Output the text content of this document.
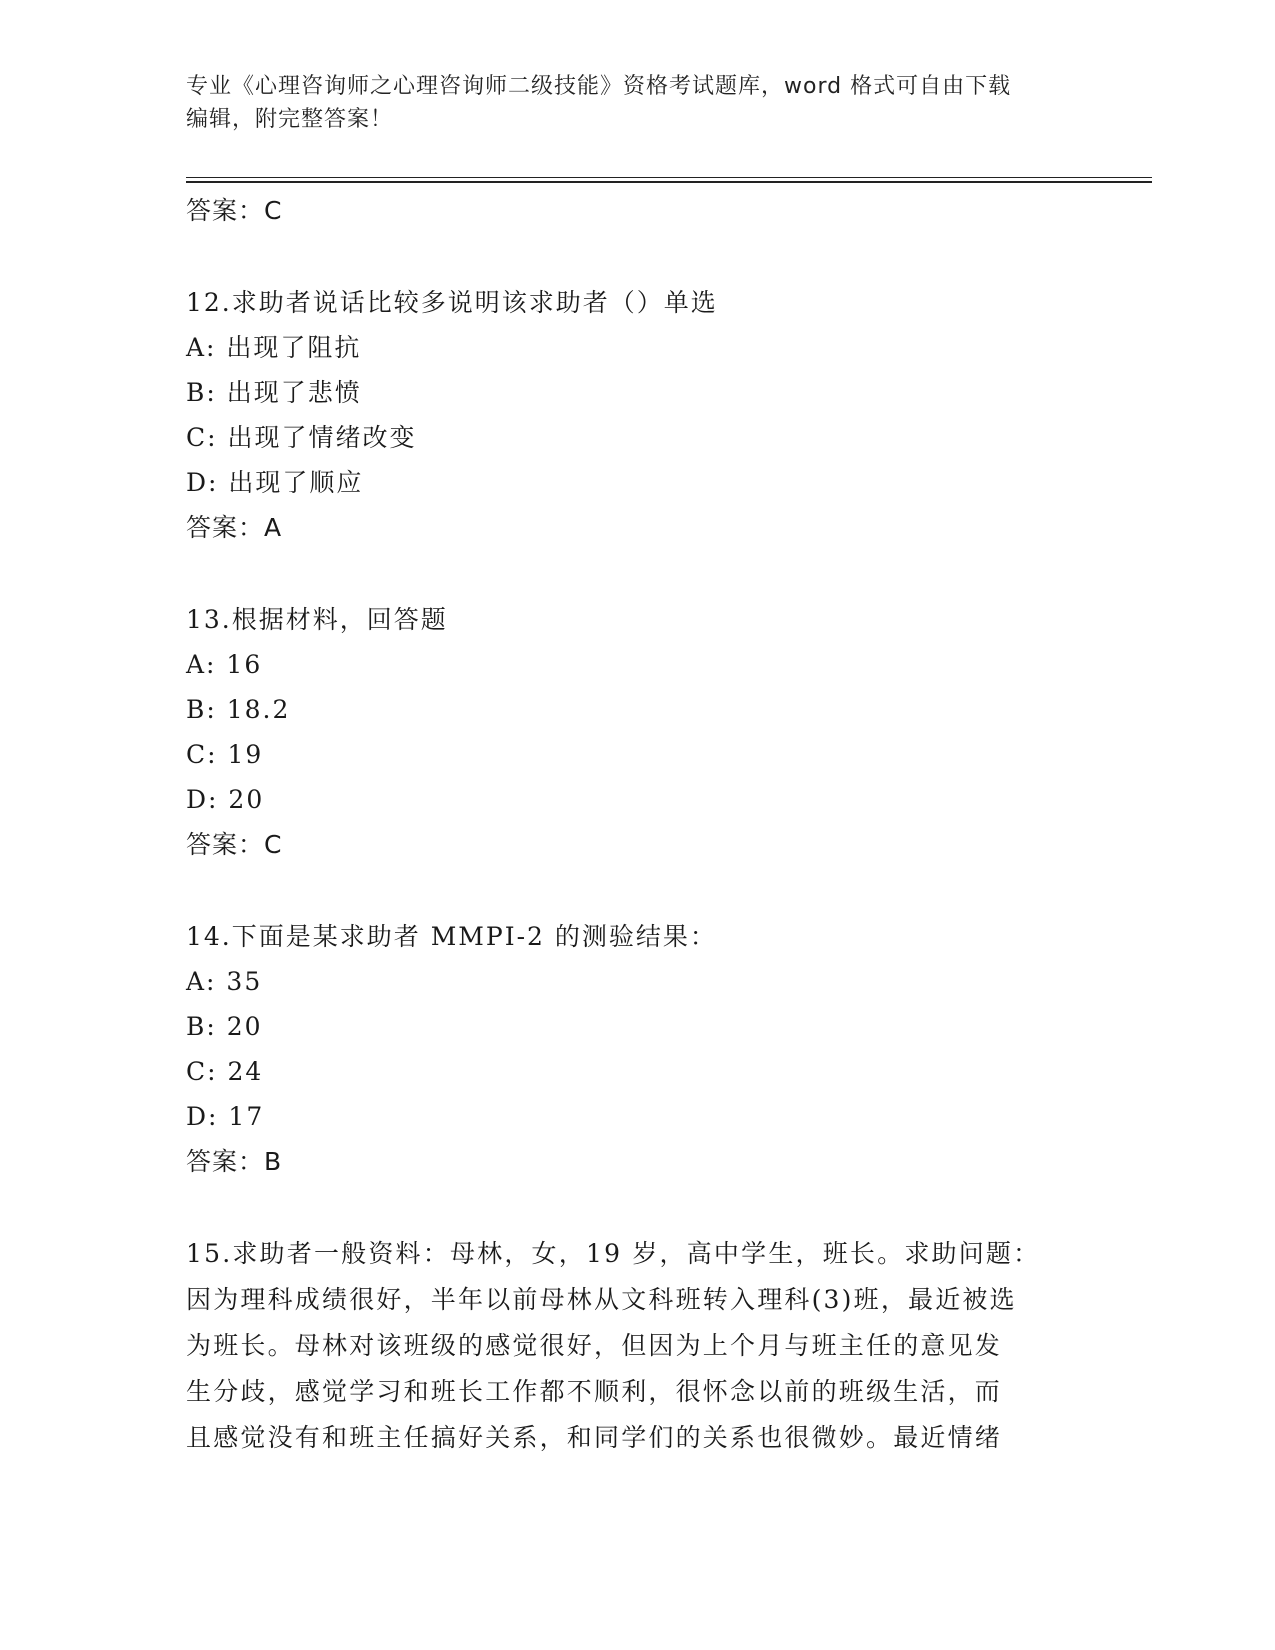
专业《心理咨询师之心理咨询师二级技能》资格考试题库，word 格式可自由下载
编辑，附完整答案！
答案：C
12.求助者说话比较多说明该求助者（）单选
A: 出现了阻抗
B: 出现了悲愤
C: 出现了情绪改变
D: 出现了顺应
答案：A
13.根据材料，回答题
A: 16
B: 18.2
C: 19
D: 20
答案：C
14.下面是某求助者 MMPI-2 的测验结果：
A: 35
B: 20
C: 24
D: 17
答案：B
15.求助者一般资料：母林，女，19 岁，高中学生，班长。求助问题：
因为理科成绩很好，半年以前母林从文科班转入理科(3)班，最近被选
为班长。母林对该班级的感觉很好，但因为上个月与班主任的意见发
生分歧，感觉学习和班长工作都不顺利，很怀念以前的班级生活，而
且感觉没有和班主任搞好关系，和同学们的关系也很微妙。最近情绪
